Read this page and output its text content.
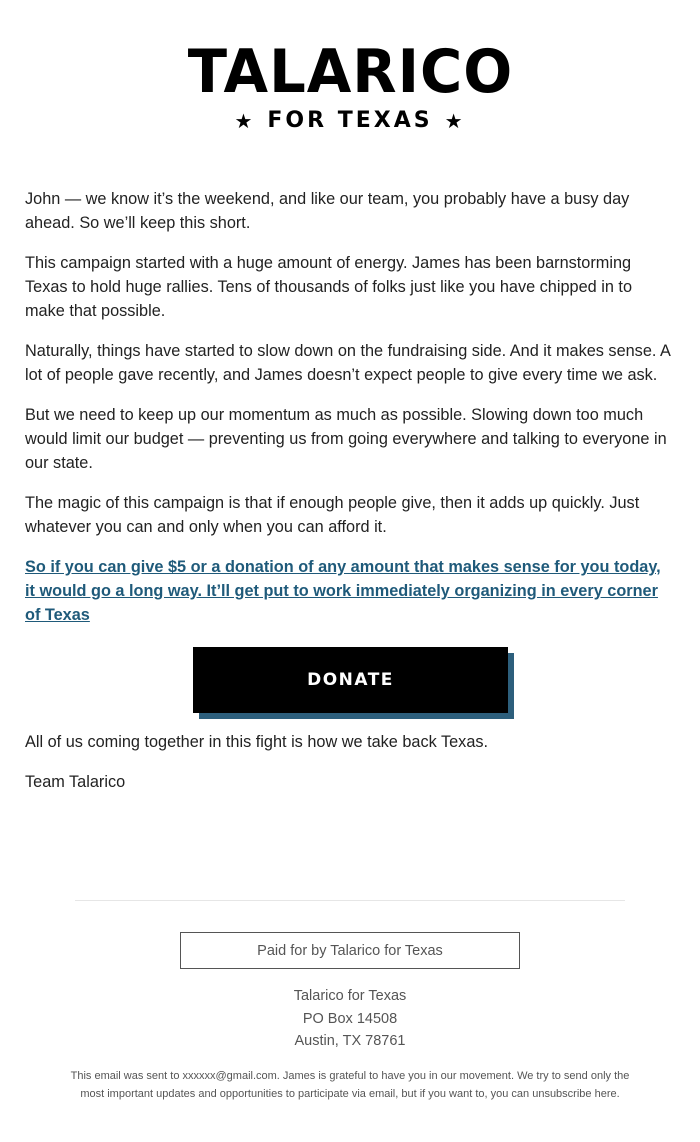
TALARICO
★ FOR TEXAS ★

John — we know it’s the weekend, and like our team, you probably have a busy day ahead. So we’ll keep this short.

This campaign started with a huge amount of energy. James has been barnstorming Texas to hold huge rallies. Tens of thousands of folks just like you have chipped in to make that possible.

Naturally, things have started to slow down on the fundraising side. And it makes sense. A lot of people gave recently, and James doesn’t expect people to give every time we ask.

But we need to keep up our momentum as much as possible. Slowing down too much would limit our budget — preventing us from going everywhere and talking to everyone in our state.

The magic of this campaign is that if enough people give, then it adds up quickly. Just whatever you can and only when you can afford it.

So if you can give $5 or a donation of any amount that makes sense for you today, it would go a long way. It’ll get put to work immediately organizing in every corner of Texas

DONATE

All of us coming together in this fight is how we take back Texas.

Team Talarico

Paid for by Talarico for Texas
Talarico for Texas
PO Box 14508
Austin, TX 78761
This email was sent to xxxxxx@gmail.com. James is grateful to have you in our movement. We try to send only the most important updates and opportunities to participate via email, but if you want to, you can unsubscribe here.
